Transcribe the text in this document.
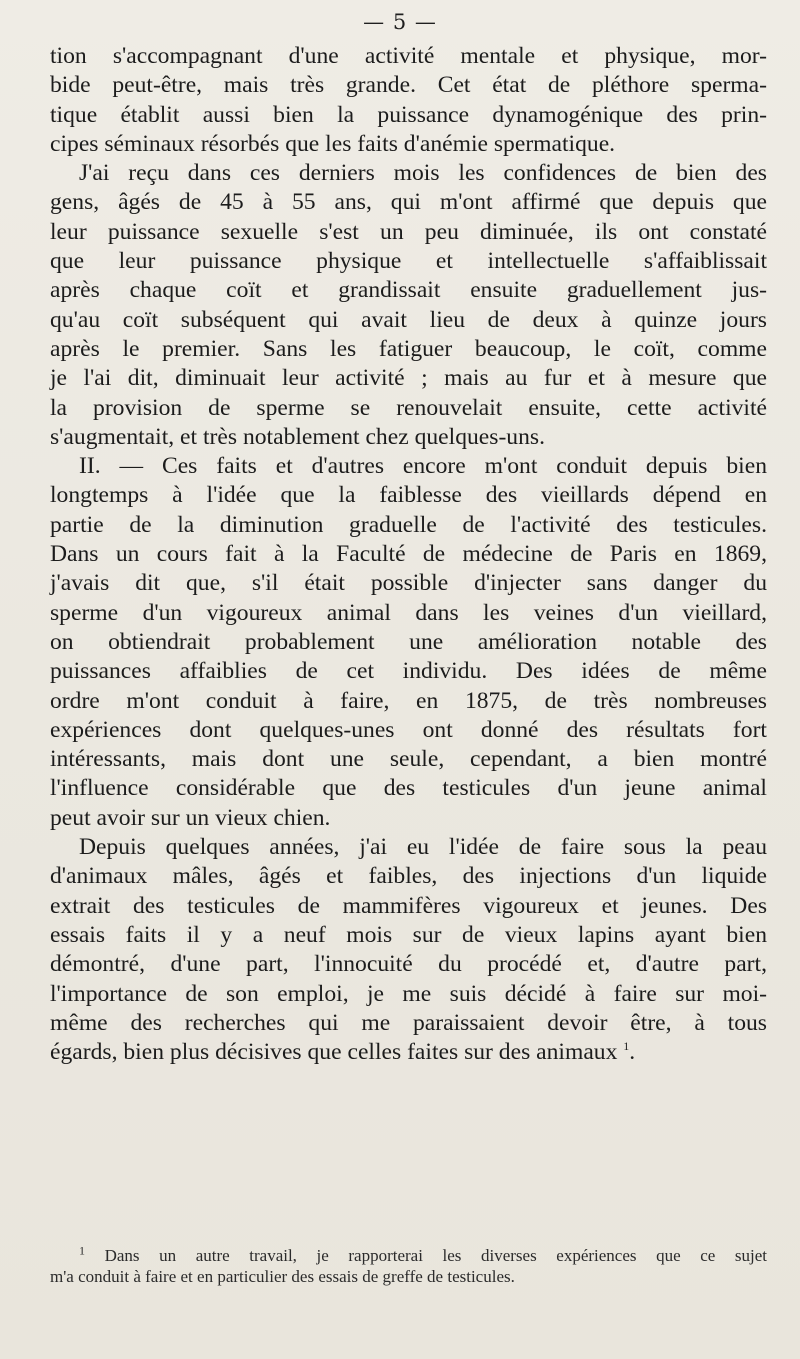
— 5 —
tion s'accompagnant d'une activité mentale et physique, mor-
bide peut-être, mais très grande. Cet état de pléthore sperma-
tique établit aussi bien la puissance dynamogénique des prin-
cipes séminaux résorbés que les faits d'anémie spermatique.
J'ai reçu dans ces derniers mois les confidences de bien des
gens, âgés de 45 à 55 ans, qui m'ont affirmé que depuis que
leur puissance sexuelle s'est un peu diminuée, ils ont constaté
que leur puissance physique et intellectuelle s'affaiblissait
après chaque coït et grandissait ensuite graduellement jus-
qu'au coït subséquent qui avait lieu de deux à quinze jours
après le premier. Sans les fatiguer beaucoup, le coït, comme
je l'ai dit, diminuait leur activité ; mais au fur et à mesure que
la provision de sperme se renouvelait ensuite, cette activité
s'augmentait, et très notablement chez quelques-uns.
II. — Ces faits et d'autres encore m'ont conduit depuis bien
longtemps à l'idée que la faiblesse des vieillards dépend en
partie de la diminution graduelle de l'activité des testicules.
Dans un cours fait à la Faculté de médecine de Paris en 1869,
j'avais dit que, s'il était possible d'injecter sans danger du
sperme d'un vigoureux animal dans les veines d'un vieillard,
on obtiendrait probablement une amélioration notable des
puissances affaiblies de cet individu. Des idées de même
ordre m'ont conduit à faire, en 1875, de très nombreuses
expériences dont quelques-unes ont donné des résultats fort
intéressants, mais dont une seule, cependant, a bien montré
l'influence considérable que des testicules d'un jeune animal
peut avoir sur un vieux chien.
Depuis quelques années, j'ai eu l'idée de faire sous la peau
d'animaux mâles, âgés et faibles, des injections d'un liquide
extrait des testicules de mammifères vigoureux et jeunes. Des
essais faits il y a neuf mois sur de vieux lapins ayant bien
démontré, d'une part, l'innocuité du procédé et, d'autre part,
l'importance de son emploi, je me suis décidé à faire sur moi-
même des recherches qui me paraissaient devoir être, à tous
égards, bien plus décisives que celles faites sur des animaux $^1$.
$^1$ Dans un autre travail, je rapporterai les diverses expériences que ce sujet
m'a conduit à faire et en particulier des essais de greffe de testicules.
